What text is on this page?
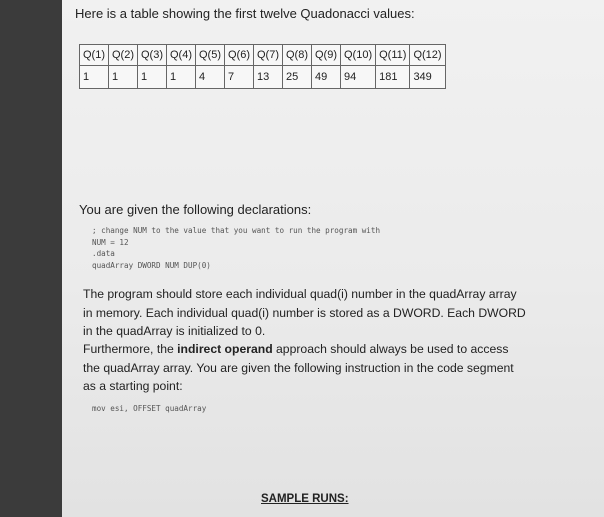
Here is a table showing the first twelve Quadonacci values:
Q(1)	Q(2)	Q(3)	Q(4)	Q(5)	Q(6)	Q(7)	Q(8)	Q(9)	Q(10)	Q(11)	Q(12)
1	1	1	1	4	7	13	25	49	94	181	349
You are given the following declarations:
; change NUM to the value that you want to run the program with
NUM = 12
.data
quadArray DWORD NUM DUP(0)
The program should store each individual quad(i) number in the quadArray array in memory. Each individual quad(i) number is stored as a DWORD. Each DWORD in the quadArray is initialized to 0.
Furthermore, the indirect operand approach should always be used to access the quadArray array. You are given the following instruction in the code segment as a starting point:
mov esi, OFFSET quadArray
SAMPLE RUNS:
